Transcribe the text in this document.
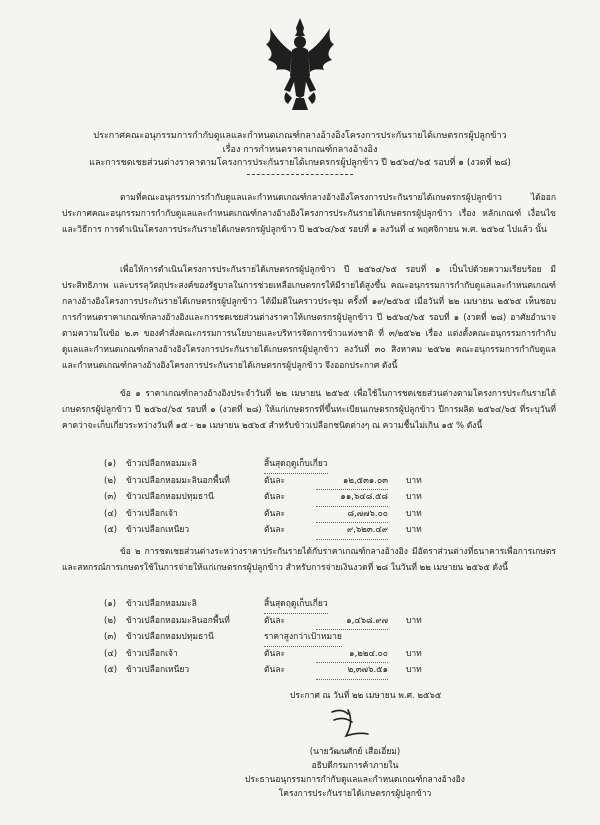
ประกาศคณะอนุกรรมการกำกับดูแลและกำหนดเกณฑ์กลางอ้างอิงโครงการประกันรายได้เกษตรกรผู้ปลูกข้าว
เรื่อง การกำหนดราคาเกณฑ์กลางอ้างอิง
และการชดเชยส่วนต่างราคาตามโครงการประกันรายได้เกษตรกรผู้ปลูกข้าว ปี ๒๕๖๔/๖๕ รอบที่ ๑ (งวดที่ ๒๘)
ตามที่คณะอนุกรรมการกำกับดูแลและกำหนดเกณฑ์กลางอ้างอิงโครงการประกันรายได้เกษตรกรผู้ปลูกข้าว ได้ออกประกาศคณะอนุกรรมการกำกับดูแลและกำหนดเกณฑ์กลางอ้างอิงโครงการประกันรายได้เกษตรกรผู้ปลูกข้าว เรื่อง หลักเกณฑ์ เงื่อนไข และวิธีการ การดำเนินโครงการประกันรายได้เกษตรกรผู้ปลูกข้าว ปี ๒๕๖๔/๖๕ รอบที่ ๑ ลงวันที่ ๔ พฤศจิกายน พ.ศ. ๒๕๖๔ ไปแล้ว นั้น
เพื่อให้การดำเนินโครงการประกันรายได้เกษตรกรผู้ปลูกข้าว ปี ๒๕๖๔/๖๕ รอบที่ ๑ เป็นไปด้วยความเรียบร้อย มีประสิทธิภาพ และบรรลุวัตถุประสงค์ของรัฐบาลในการช่วยเหลือเกษตรกรให้มีรายได้สูงขึ้น คณะอนุกรรมการกำกับดูแลและกำหนดเกณฑ์กลางอ้างอิงโครงการประกันรายได้เกษตรกรผู้ปลูกข้าว ได้มีมติในคราวประชุม ครั้งที่ ๑๙/๒๕๖๕ เมื่อวันที่ ๒๒ เมษายน ๒๕๖๕ เห็นชอบการกำหนดราคาเกณฑ์กลางอ้างอิงและการชดเชยส่วนต่างราคาให้เกษตรกรผู้ปลูกข้าว ปี ๒๕๖๔/๖๕ รอบที่ ๑ (งวดที่ ๒๘) อาศัยอำนาจตามความในข้อ ๒.๓ ของคำสั่งคณะกรรมการนโยบายและบริหารจัดการข้าวแห่งชาติ ที่ ๓/๒๕๖๒ เรื่อง แต่งตั้งคณะอนุกรรมการกำกับดูแลและกำหนดเกณฑ์กลางอ้างอิงโครงการประกันรายได้เกษตรกรผู้ปลูกข้าว ลงวันที่ ๓๐ สิงหาคม ๒๕๖๒ คณะอนุกรรมการกำกับดูแลและกำหนดเกณฑ์กลางอ้างอิงโครงการประกันรายได้เกษตรกรผู้ปลูกข้าว จึงออกประกาศ ดังนี้
ข้อ ๑ ราคาเกณฑ์กลางอ้างอิงประจำวันที่ ๒๒ เมษายน ๒๕๖๕ เพื่อใช้ในการชดเชยส่วนต่างตามโครงการประกันรายได้เกษตรกรผู้ปลูกข้าว ปี ๒๕๖๔/๖๕ รอบที่ ๑ (งวดที่ ๒๘) ให้แก่เกษตรกรที่ขึ้นทะเบียนเกษตรกรผู้ปลูกข้าว ปีการผลิต ๒๕๖๔/๖๕ ที่ระบุวันที่คาดว่าจะเก็บเกี่ยวระหว่างวันที่ ๑๕ - ๒๑ เมษายน ๒๕๖๕ สำหรับข้าวเปลือกชนิดต่างๆ ณ ความชื้นไม่เกิน ๑๕ % ดังนี้
(๑) ข้าวเปลือกหอมมะลิ	สิ้นสุดฤดูเก็บเกี่ยว
(๒) ข้าวเปลือกหอมมะลินอกพื้นที่	ตันละ	๑๒,๕๓๑.๐๓ บาท
(๓) ข้าวเปลือกหอมปทุมธานี	ตันละ	๑๑,๖๔๘.๕๘ บาท
(๔) ข้าวเปลือกเจ้า	ตันละ	๘,๗๗๖.๐๐ บาท
(๕) ข้าวเปลือกเหนียว	ตันละ	๙,๖๒๓.๔๙ บาท
ข้อ ๒ การชดเชยส่วนต่างระหว่างราคาประกันรายได้กับราคาเกณฑ์กลางอ้างอิง มีอัตราส่วนต่างที่ธนาคารเพื่อการเกษตรและสหกรณ์การเกษตรใช้ในการจ่ายให้แก่เกษตรกรผู้ปลูกข้าว สำหรับการจ่ายเงินงวดที่ ๒๘ ในวันที่ ๒๒ เมษายน ๒๕๖๕ ดังนี้
(๑) ข้าวเปลือกหอมมะลิ	สิ้นสุดฤดูเก็บเกี่ยว
(๒) ข้าวเปลือกหอมมะลินอกพื้นที่	ตันละ	๑,๔๖๘.๙๗ บาท
(๓) ข้าวเปลือกหอมปทุมธานี	ราคาสูงกว่าเป้าหมาย
(๔) ข้าวเปลือกเจ้า	ตันละ	๑,๒๒๔.๐๐ บาท
(๕) ข้าวเปลือกเหนียว	ตันละ	๒,๓๗๖.๕๑ บาท
ประกาศ ณ วันที่ ๒๒ เมษายน พ.ศ. ๒๕๖๕
(นายวัฒนศักย์ เสือเอี่ยม)
อธิบดีกรมการค้าภายใน
ประธานอนุกรรมการกำกับดูแลและกำหนดเกณฑ์กลางอ้างอิง
โครงการประกันรายได้เกษตรกรผู้ปลูกข้าว
